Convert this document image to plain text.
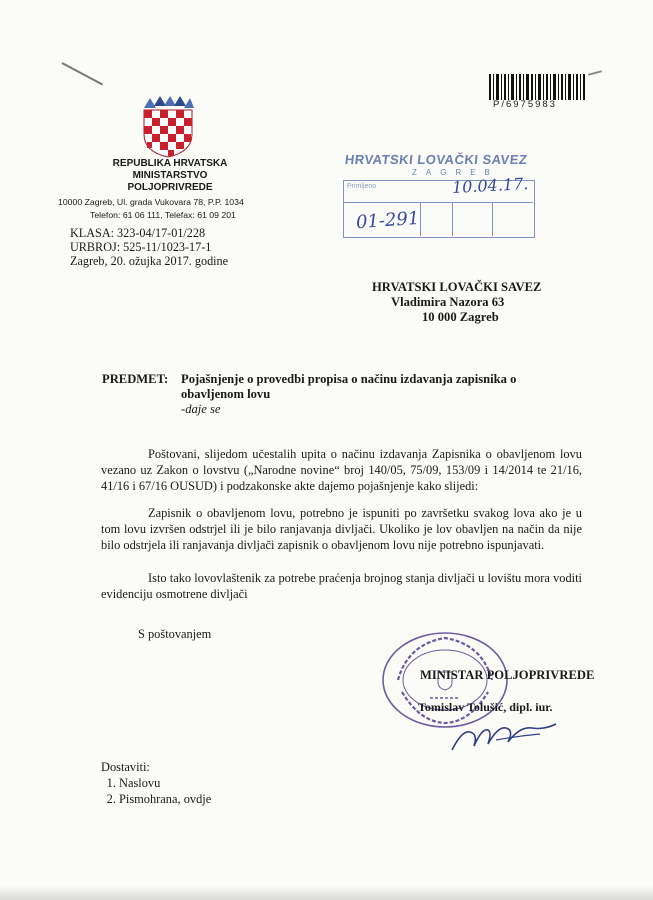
P/6975983
REPUBLIKA HRVATSKA
MINISTARSTVO POLJOPRIVREDE
10000 Zagreb, Ul. grada Vukovara 78, P.P. 1034
Telefon: 61 06 111, Telefax: 61 09 201
KLASA: 323-04/17-01/228
URBROJ: 525-11/1023-17-1
Zagreb, 20. ožujka 2017. godine
HRVATSKI LOVAČKI SAVEZ
ZAGREB
Primljeno	10.04.17.
01-291
HRVATSKI LOVAČKI SAVEZ
Vladimira Nazora 63
10 000 Zagreb
PREDMET: Pojašnjenje o provedbi propisa o načinu izdavanja zapisnika o obavljenom lovu
-daje se
Poštovani, slijedom učestalih upita o načinu izdavanja Zapisnika o obavljenom lovu vezano uz Zakon o lovstvu („Narodne novine“ broj 140/05, 75/09, 153/09 i 14/2014 te 21/16, 41/16 i 67/16 OUSUD) i podzakonske akte dajemo pojašnjenje kako slijedi:
Zapisnik o obavljenom lovu, potrebno je ispuniti po završetku svakog lova ako je u tom lovu izvršen odstrjel ili je bilo ranjavanja divljači. Ukoliko je lov obavljen na način da nije bilo odstrjela ili ranjavanja divljači zapisnik o obavljenom lovu nije potrebno ispunjavati.
Isto tako lovovlaštenik za potrebe praćenja brojnog stanja divljači u lovištu mora voditi evidenciju osmotrene divljači
S poštovanjem
MINISTAR POLJOPRIVREDE
Tomislav Tolušić, dipl. iur.
Dostaviti:
1. Naslovu
2. Pismohrana, ovdje
